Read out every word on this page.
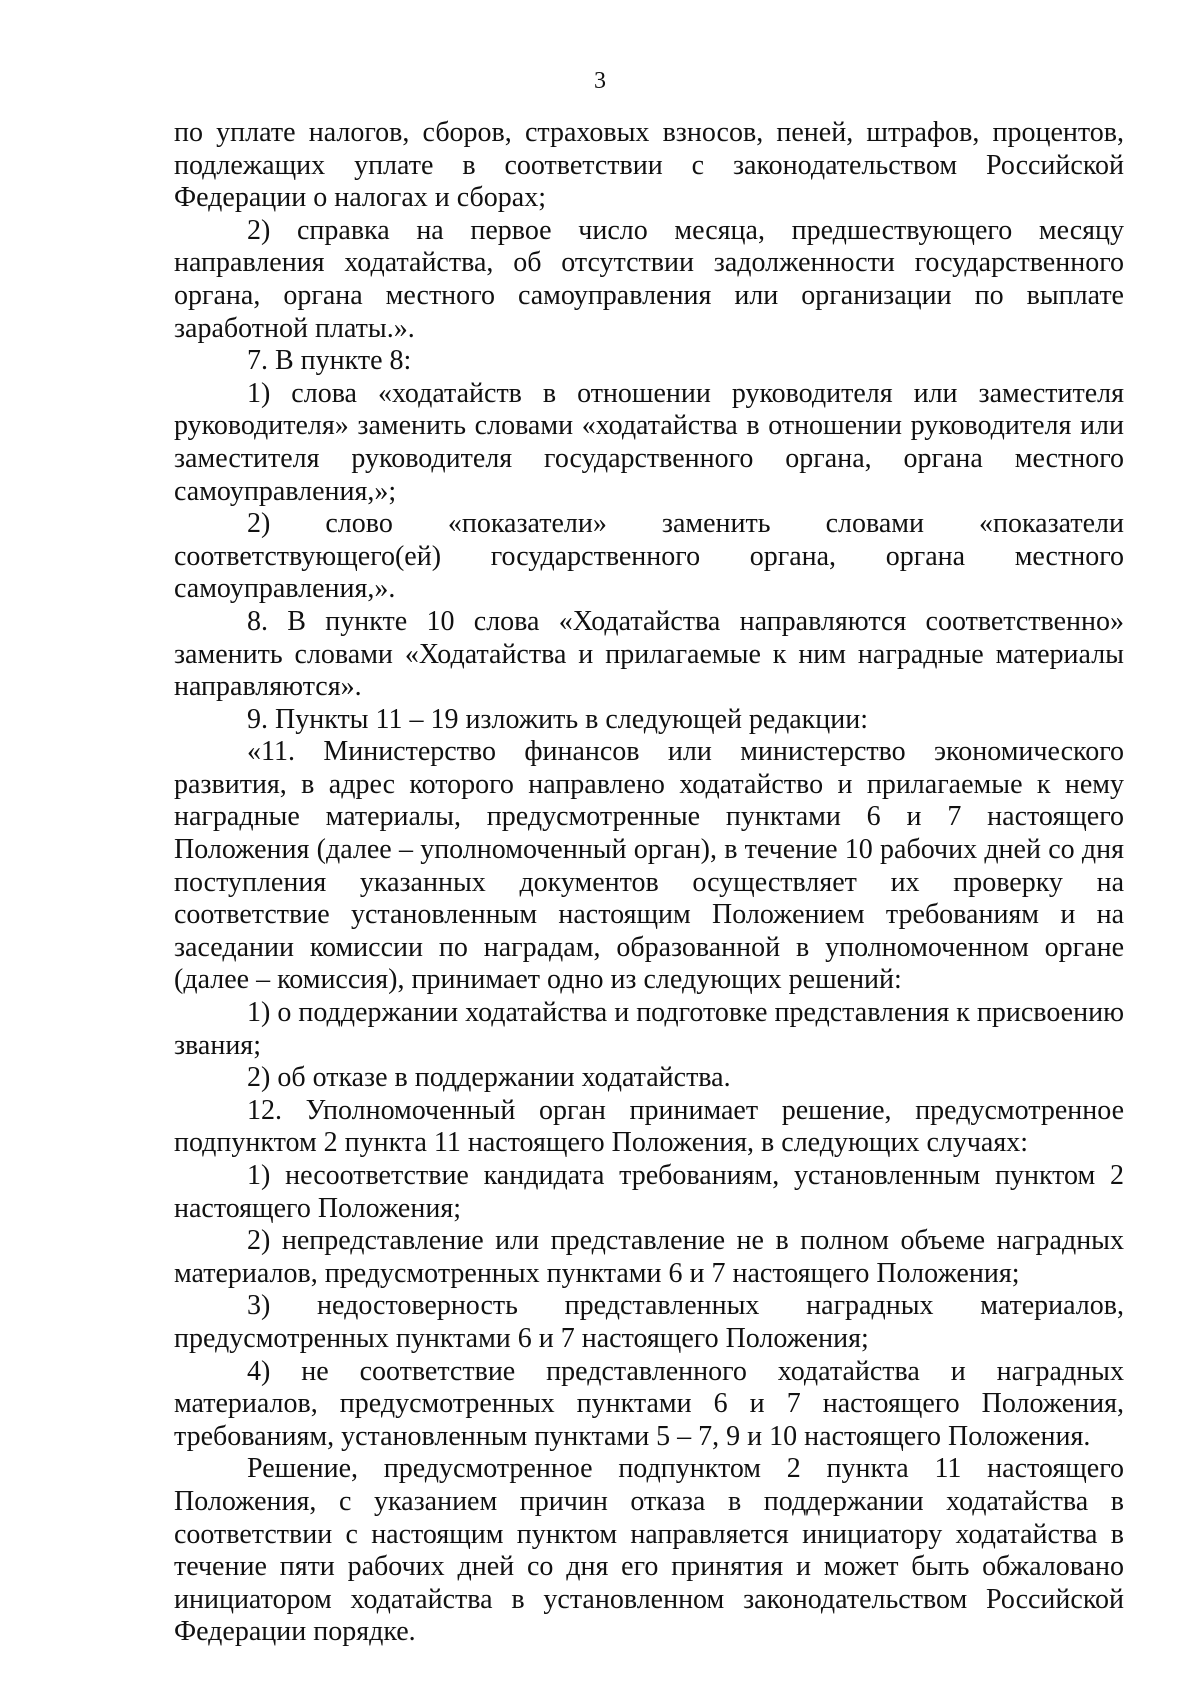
3

по уплате налогов, сборов, страховых взносов, пеней, штрафов, процентов, подлежащих уплате в соответствии с законодательством Российской Федерации о налогах и сборах;

2) справка на первое число месяца, предшествующего месяцу направления ходатайства, об отсутствии задолженности государственного органа, органа местного самоуправления или организации по выплате заработной платы.».

7. В пункте 8:

1) слова «ходатайств в отношении руководителя или заместителя руководителя» заменить словами «ходатайства в отношении руководителя или заместителя руководителя государственного органа, органа местного самоуправления,»;

2) слово «показатели» заменить словами «показатели соответствующего(ей) государственного органа, органа местного самоуправления,».

8. В пункте 10 слова «Ходатайства направляются соответственно» заменить словами «Ходатайства и прилагаемые к ним наградные материалы направляются».

9. Пункты 11 – 19 изложить в следующей редакции:

«11. Министерство финансов или министерство экономического развития, в адрес которого направлено ходатайство и прилагаемые к нему наградные материалы, предусмотренные пунктами 6 и 7 настоящего Положения (далее – уполномоченный орган), в течение 10 рабочих дней со дня поступления указанных документов осуществляет их проверку на соответствие установленным настоящим Положением требованиям и на заседании комиссии по наградам, образованной в уполномоченном органе (далее – комиссия), принимает одно из следующих решений:

1) о поддержании ходатайства и подготовке представления к присвоению звания;

2) об отказе в поддержании ходатайства.

12. Уполномоченный орган принимает решение, предусмотренное подпунктом 2 пункта 11 настоящего Положения, в следующих случаях:

1) несоответствие кандидата требованиям, установленным пунктом 2 настоящего Положения;

2) непредставление или представление не в полном объеме наградных материалов, предусмотренных пунктами 6 и 7 настоящего Положения;

3) недостоверность представленных наградных материалов, предусмотренных пунктами 6 и 7 настоящего Положения;

4) не соответствие представленного ходатайства и наградных материалов, предусмотренных пунктами 6 и 7 настоящего Положения, требованиям, установленным пунктами 5 – 7, 9 и 10 настоящего Положения.

Решение, предусмотренное подпунктом 2 пункта 11 настоящего Положения, с указанием причин отказа в поддержании ходатайства в соответствии с настоящим пунктом направляется инициатору ходатайства в течение пяти рабочих дней со дня его принятия и может быть обжаловано инициатором ходатайства в установленном законодательством Российской Федерации порядке.
